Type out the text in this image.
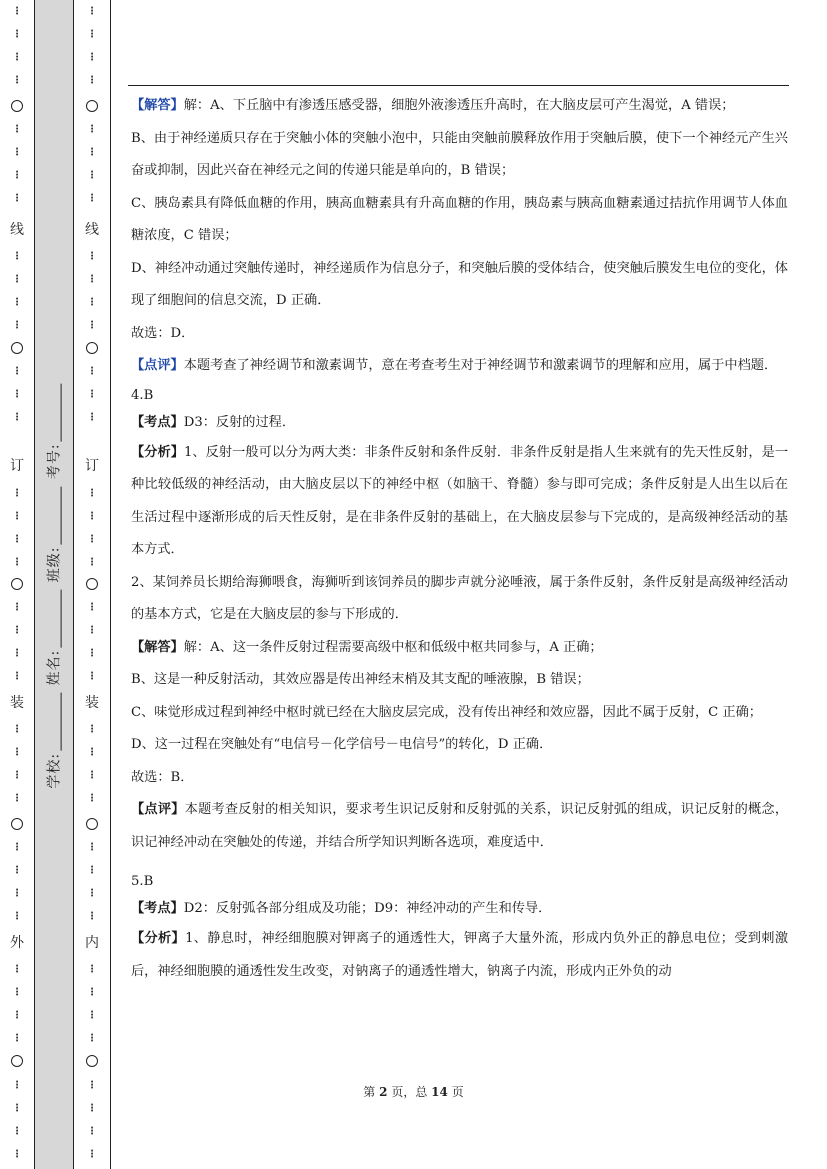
⋮
⋮
⋮
⋮
⋮
⋮
⋮
⋮
线
⋮
⋮
⋮
⋮
⋮
⋮
⋮
订
⋮
⋮
⋮
⋮
⋮
⋮
⋮
⋮
装
⋮
⋮
⋮
⋮
⋮
⋮
⋮
⋮
外
⋮
⋮
⋮
⋮
⋮
⋮
⋮
⋮
学校: 姓名: 班级: 考号:
⋮
⋮
⋮
⋮
⋮
⋮
⋮
⋮
线
⋮
⋮
⋮
⋮
⋮
⋮
⋮
订
⋮
⋮
⋮
⋮
⋮
⋮
⋮
⋮
装
⋮
⋮
⋮
⋮
⋮
⋮
⋮
⋮
内
⋮
⋮
⋮
⋮
⋮
⋮
⋮
⋮

【解答】解：A、下丘脑中有渗透压感受器，细胞外液渗透压升高时，在大脑皮层可产生渴觉，A 错误；

B、由于神经递质只存在于突触小体的突触小泡中，只能由突触前膜释放作用于突触后膜，使下一个神经元产生兴奋或抑制，因此兴奋在神经元之间的传递只能是单向的，B 错误；

C、胰岛素具有降低血糖的作用，胰高血糖素具有升高血糖的作用，胰岛素与胰高血糖素通过拮抗作用调节人体血糖浓度，C 错误；

D、神经冲动通过突触传递时，神经递质作为信息分子，和突触后膜的受体结合，使突触后膜发生电位的变化，体现了细胞间的信息交流，D 正确．

故选：D．

【点评】本题考查了神经调节和激素调节，意在考查考生对于神经调节和激素调节的理解和应用，属于中档题．

4.B

【考点】D3：反射的过程．

【分析】1、反射一般可以分为两大类：非条件反射和条件反射．非条件反射是指人生来就有的先天性反射，是一种比较低级的神经活动，由大脑皮层以下的神经中枢（如脑干、脊髓）参与即可完成；条件反射是人出生以后在生活过程中逐渐形成的后天性反射，是在非条件反射的基础上，在大脑皮层参与下完成的，是高级神经活动的基本方式．

2、某饲养员长期给海狮喂食，海狮听到该饲养员的脚步声就分泌唾液，属于条件反射，条件反射是高级神经活动的基本方式，它是在大脑皮层的参与下形成的．

【解答】解：A、这一条件反射过程需要高级中枢和低级中枢共同参与，A 正确；

B、这是一种反射活动，其效应器是传出神经末梢及其支配的唾液腺，B 错误；

C、味觉形成过程到神经中枢时就已经在大脑皮层完成，没有传出神经和效应器，因此不属于反射，C 正确；

D、这一过程在突触处有“电信号－化学信号－电信号”的转化，D 正确．

故选：B．

【点评】本题考查反射的相关知识，要求考生识记反射和反射弧的关系，识记反射弧的组成，识记反射的概念，识记神经冲动在突触处的传递，并结合所学知识判断各选项，难度适中．

5.B

【考点】D2：反射弧各部分组成及功能；D9：神经冲动的产生和传导．

【分析】1、静息时，神经细胞膜对钾离子的通透性大，钾离子大量外流，形成内负外正的静息电位；受到刺激后，神经细胞膜的通透性发生改变，对钠离子的通透性增大，钠离子内流，形成内正外负的动

第 2 页，总 14 页
